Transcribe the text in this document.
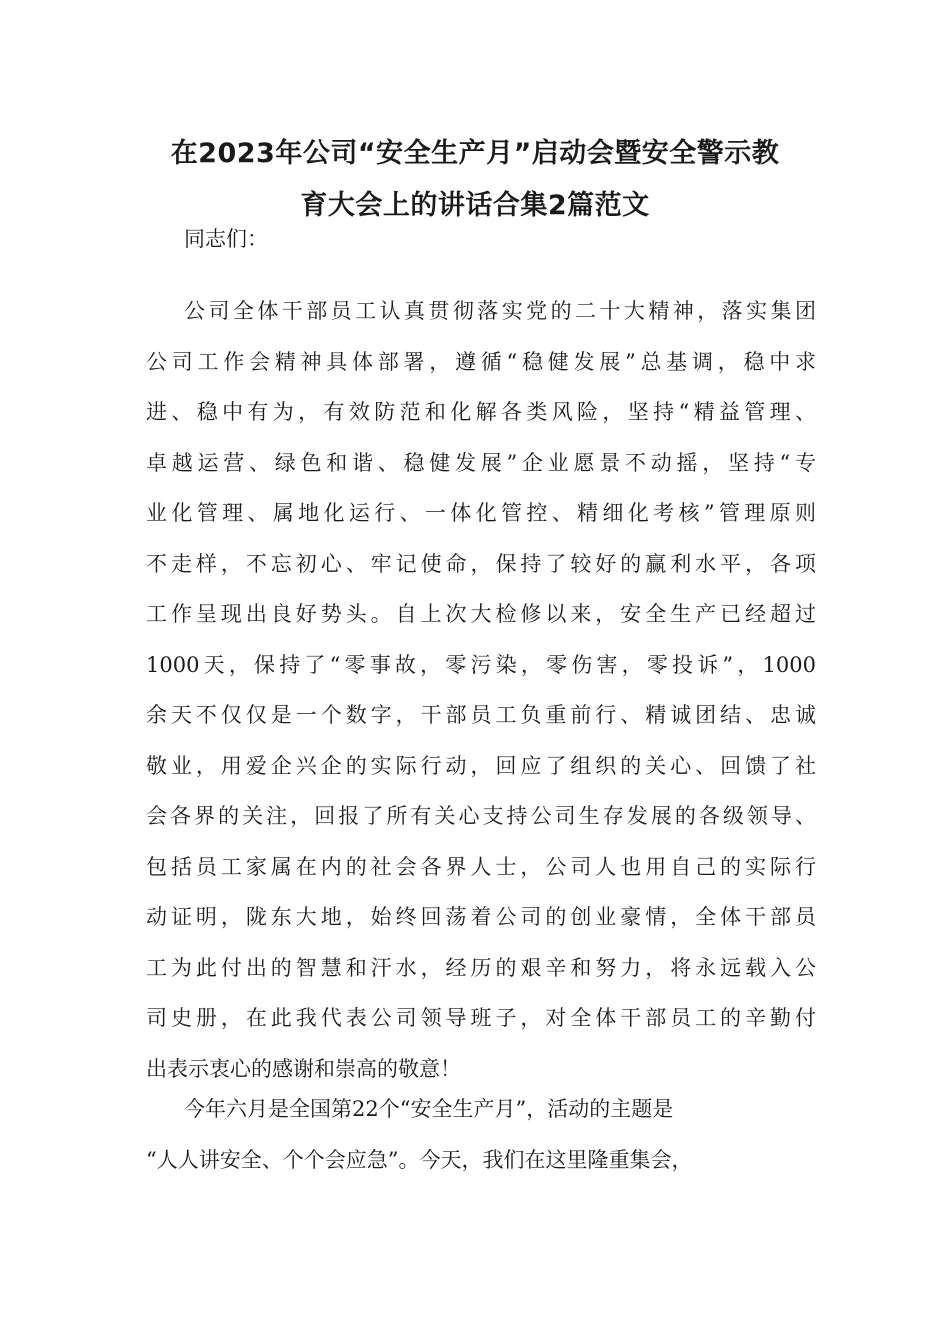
在2023年公司“安全生产月”启动会暨安全警示教
育大会上的讲话合集2篇范文
同志们：
公司全体干部员工认真贯彻落实党的二十大精神，落实集团
公司工作会精神具体部署，遵循“稳健发展”总基调，稳中求
进、稳中有为，有效防范和化解各类风险，坚持“精益管理、
卓越运营、绿色和谐、稳健发展”企业愿景不动摇，坚持“专
业化管理、属地化运行、一体化管控、精细化考核”管理原则
不走样，不忘初心、牢记使命，保持了较好的赢利水平，各项
工作呈现出良好势头。自上次大检修以来，安全生产已经超过
1000天，保持了“零事故，零污染，零伤害，零投诉”，1000
余天不仅仅是一个数字，干部员工负重前行、精诚团结、忠诚
敬业，用爱企兴企的实际行动，回应了组织的关心、回馈了社
会各界的关注，回报了所有关心支持公司生存发展的各级领导、
包括员工家属在内的社会各界人士，公司人也用自己的实际行
动证明，陇东大地，始终回荡着公司的创业豪情，全体干部员
工为此付出的智慧和汗水，经历的艰辛和努力，将永远载入公
司史册，在此我代表公司领导班子，对全体干部员工的辛勤付
出表示衷心的感谢和崇高的敬意！
今年六月是全国第22个“安全生产月”，活动的主题是
“人人讲安全、个个会应急”。今天，我们在这里隆重集会，
